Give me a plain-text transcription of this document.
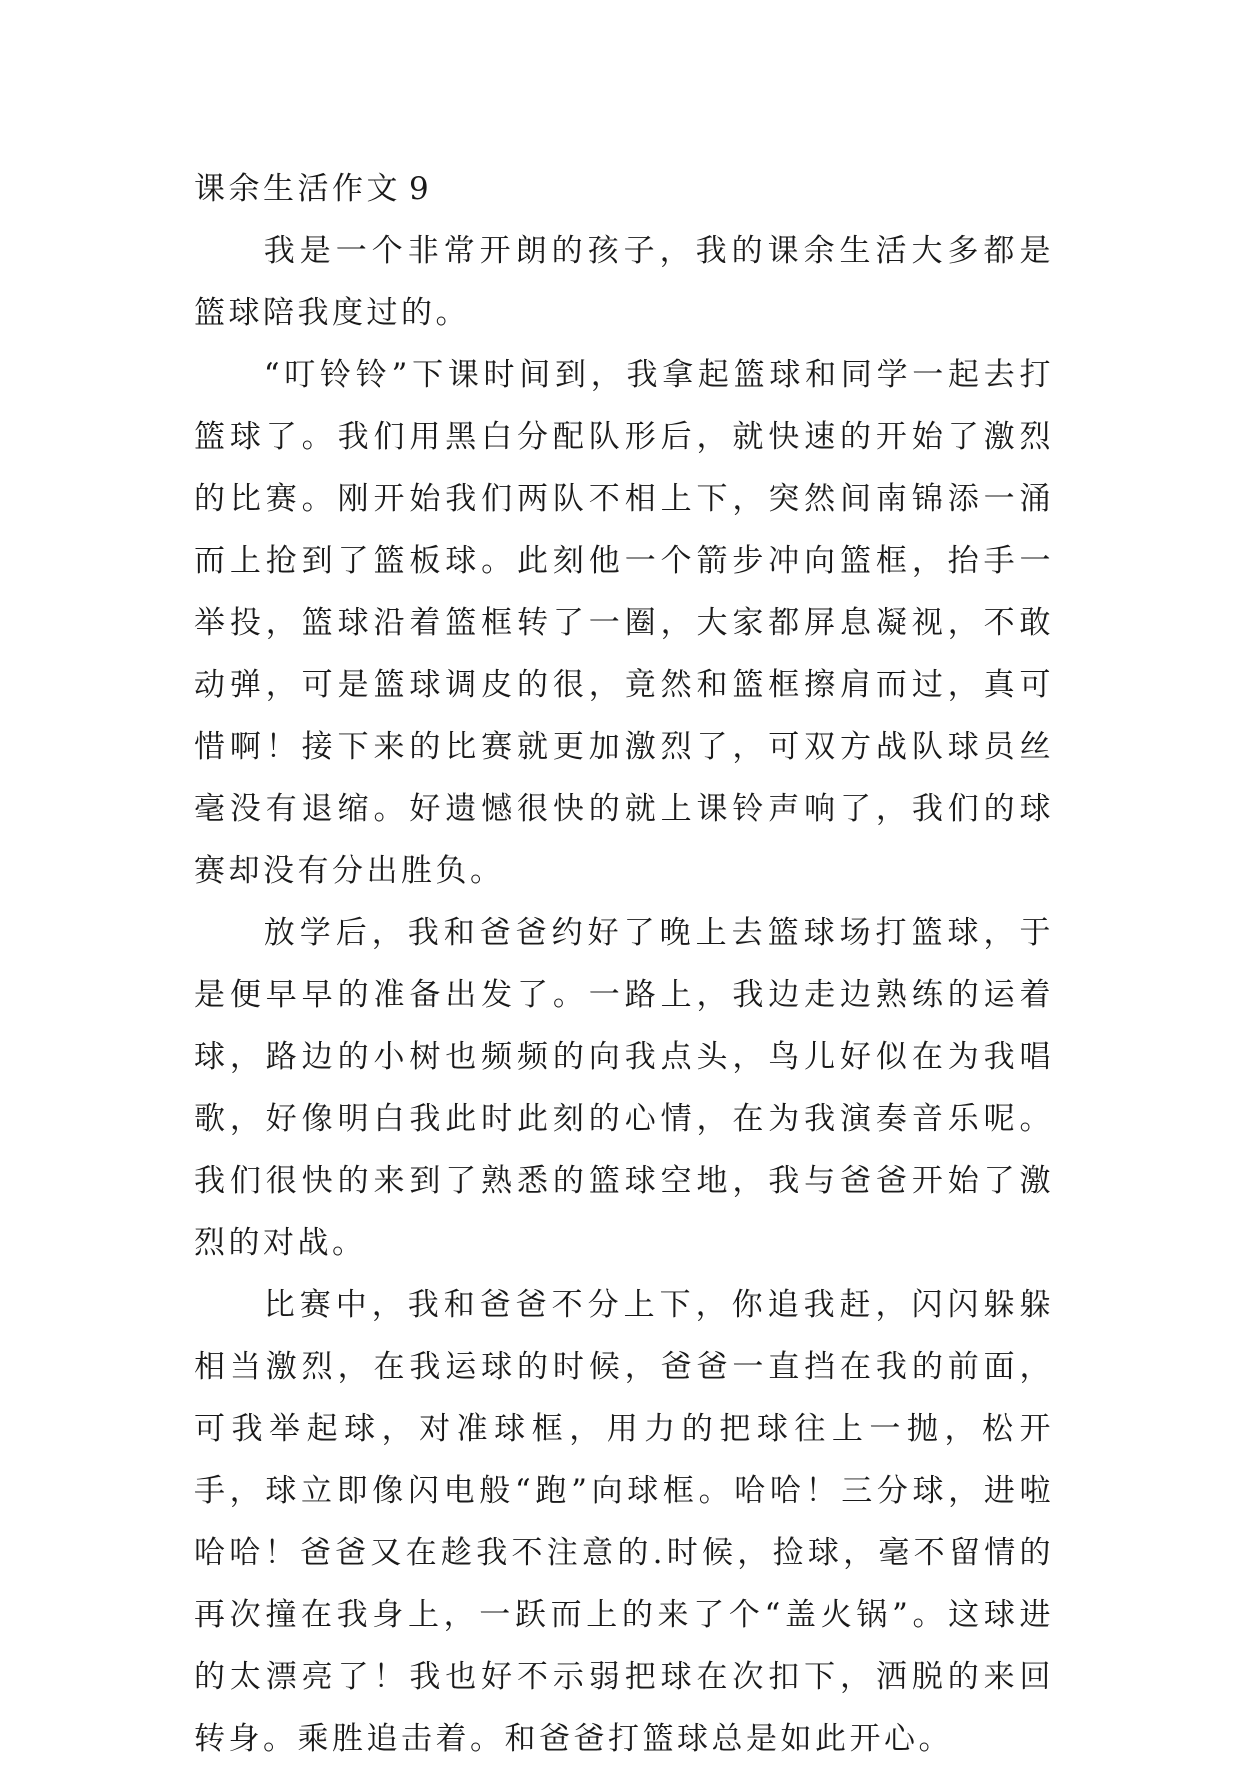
课余生活作文 9

我是一个非常开朗的孩子，我的课余生活大多都是篮球陪我度过的。

“叮铃铃”下课时间到，我拿起篮球和同学一起去打篮球了。我们用黑白分配队形后，就快速的开始了激烈的比赛。刚开始我们两队不相上下，突然间南锦添一涌而上抢到了篮板球。此刻他一个箭步冲向篮框，抬手一举投，篮球沿着篮框转了一圈，大家都屏息凝视，不敢动弹，可是篮球调皮的很，竟然和篮框擦肩而过，真可惜啊！接下来的比赛就更加激烈了，可双方战队球员丝毫没有退缩。好遗憾很快的就上课铃声响了，我们的球赛却没有分出胜负。

放学后，我和爸爸约好了晚上去篮球场打篮球，于是便早早的准备出发了。一路上，我边走边熟练的运着球，路边的小树也频频的向我点头，鸟儿好似在为我唱歌，好像明白我此时此刻的心情，在为我演奏音乐呢。我们很快的来到了熟悉的篮球空地，我与爸爸开始了激烈的对战。

比赛中，我和爸爸不分上下，你追我赶，闪闪躲躲相当激烈，在我运球的时候，爸爸一直挡在我的前面，可我举起球，对准球框，用力的把球往上一抛，松开手，球立即像闪电般“跑”向球框。哈哈！三分球，进啦哈哈！爸爸又在趁我不注意的.时候，捡球，毫不留情的再次撞在我身上，一跃而上的来了个“盖火锅”。这球进的太漂亮了！我也好不示弱把球在次扣下，洒脱的来回转身。乘胜追击着。和爸爸打篮球总是如此开心。
